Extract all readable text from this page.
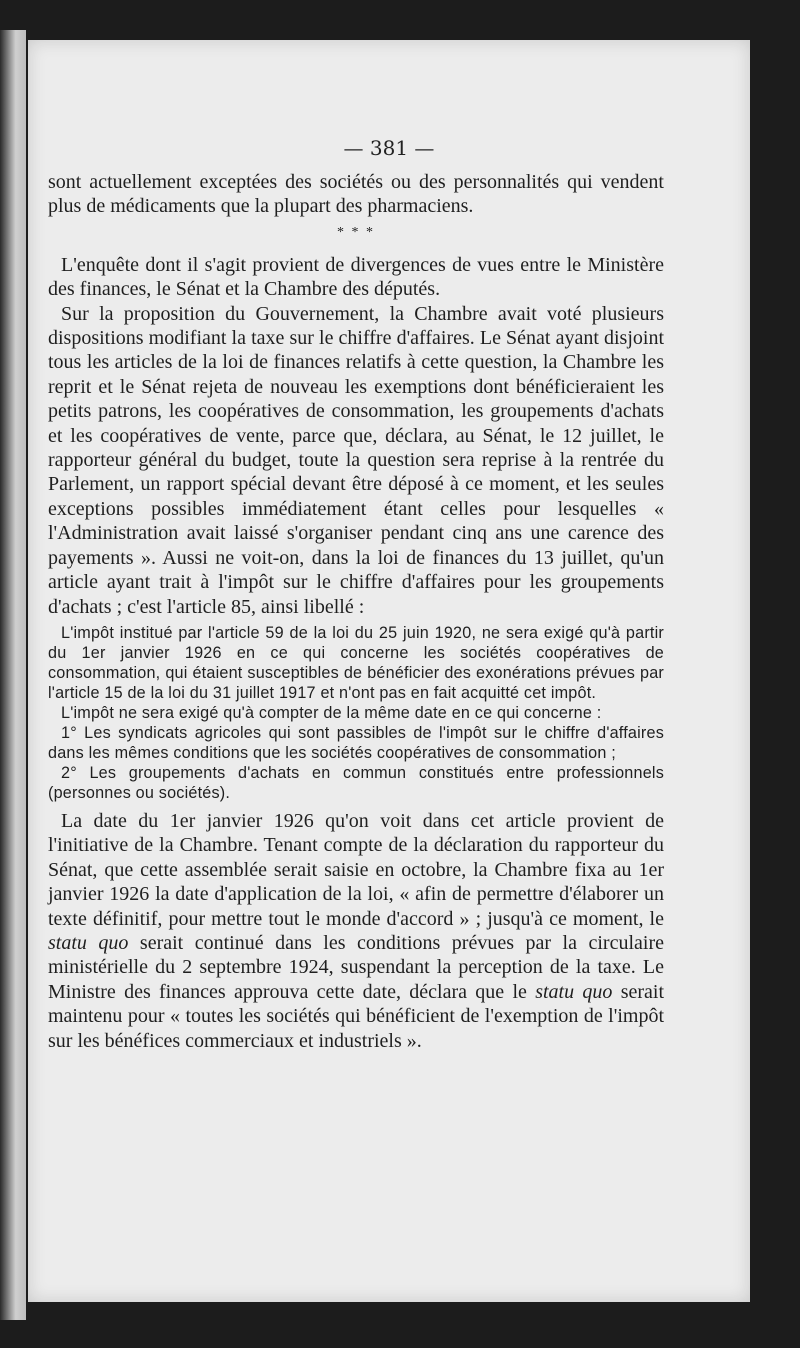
— 381 —

sont actuellement exceptées des sociétés ou des personnalités qui vendent plus de médicaments que la plupart des pharmaciens.

* * *

L'enquête dont il s'agit provient de divergences de vues entre le Ministère des finances, le Sénat et la Chambre des députés.

Sur la proposition du Gouvernement, la Chambre avait voté plusieurs dispositions modifiant la taxe sur le chiffre d'affaires. Le Sénat ayant disjoint tous les articles de la loi de finances relatifs à cette question, la Chambre les reprit et le Sénat rejeta de nouveau les exemptions dont bénéficieraient les petits patrons, les coopératives de consommation, les groupements d'achats et les coopératives de vente, parce que, déclara, au Sénat, le 12 juillet, le rapporteur général du budget, toute la question sera reprise à la rentrée du Parlement, un rapport spécial devant être déposé à ce moment, et les seules exceptions possibles immédiatement étant celles pour lesquelles « l'Administration avait laissé s'organiser pendant cinq ans une carence des payements ». Aussi ne voit-on, dans la loi de finances du 13 juillet, qu'un article ayant trait à l'impôt sur le chiffre d'affaires pour les groupements d'achats ; c'est l'article 85, ainsi libellé :

L'impôt institué par l'article 59 de la loi du 25 juin 1920, ne sera exigé qu'à partir du 1er janvier 1926 en ce qui concerne les sociétés coopératives de consommation, qui étaient susceptibles de bénéficier des exonérations prévues par l'article 15 de la loi du 31 juillet 1917 et n'ont pas en fait acquitté cet impôt.

L'impôt ne sera exigé qu'à compter de la même date en ce qui concerne :

1° Les syndicats agricoles qui sont passibles de l'impôt sur le chiffre d'affaires dans les mêmes conditions que les sociétés coopératives de consommation ;

2° Les groupements d'achats en commun constitués entre professionnels (personnes ou sociétés).

La date du 1er janvier 1926 qu'on voit dans cet article provient de l'initiative de la Chambre. Tenant compte de la déclaration du rapporteur du Sénat, que cette assemblée serait saisie en octobre, la Chambre fixa au 1er janvier 1926 la date d'application de la loi, « afin de permettre d'élaborer un texte définitif, pour mettre tout le monde d'accord » ; jusqu'à ce moment, le statu quo serait continué dans les conditions prévues par la circulaire ministérielle du 2 septembre 1924, suspendant la perception de la taxe. Le Ministre des finances approuva cette date, déclara que le statu quo serait maintenu pour « toutes les sociétés qui bénéficient de l'exemption de l'impôt sur les bénéfices commerciaux et industriels ».
